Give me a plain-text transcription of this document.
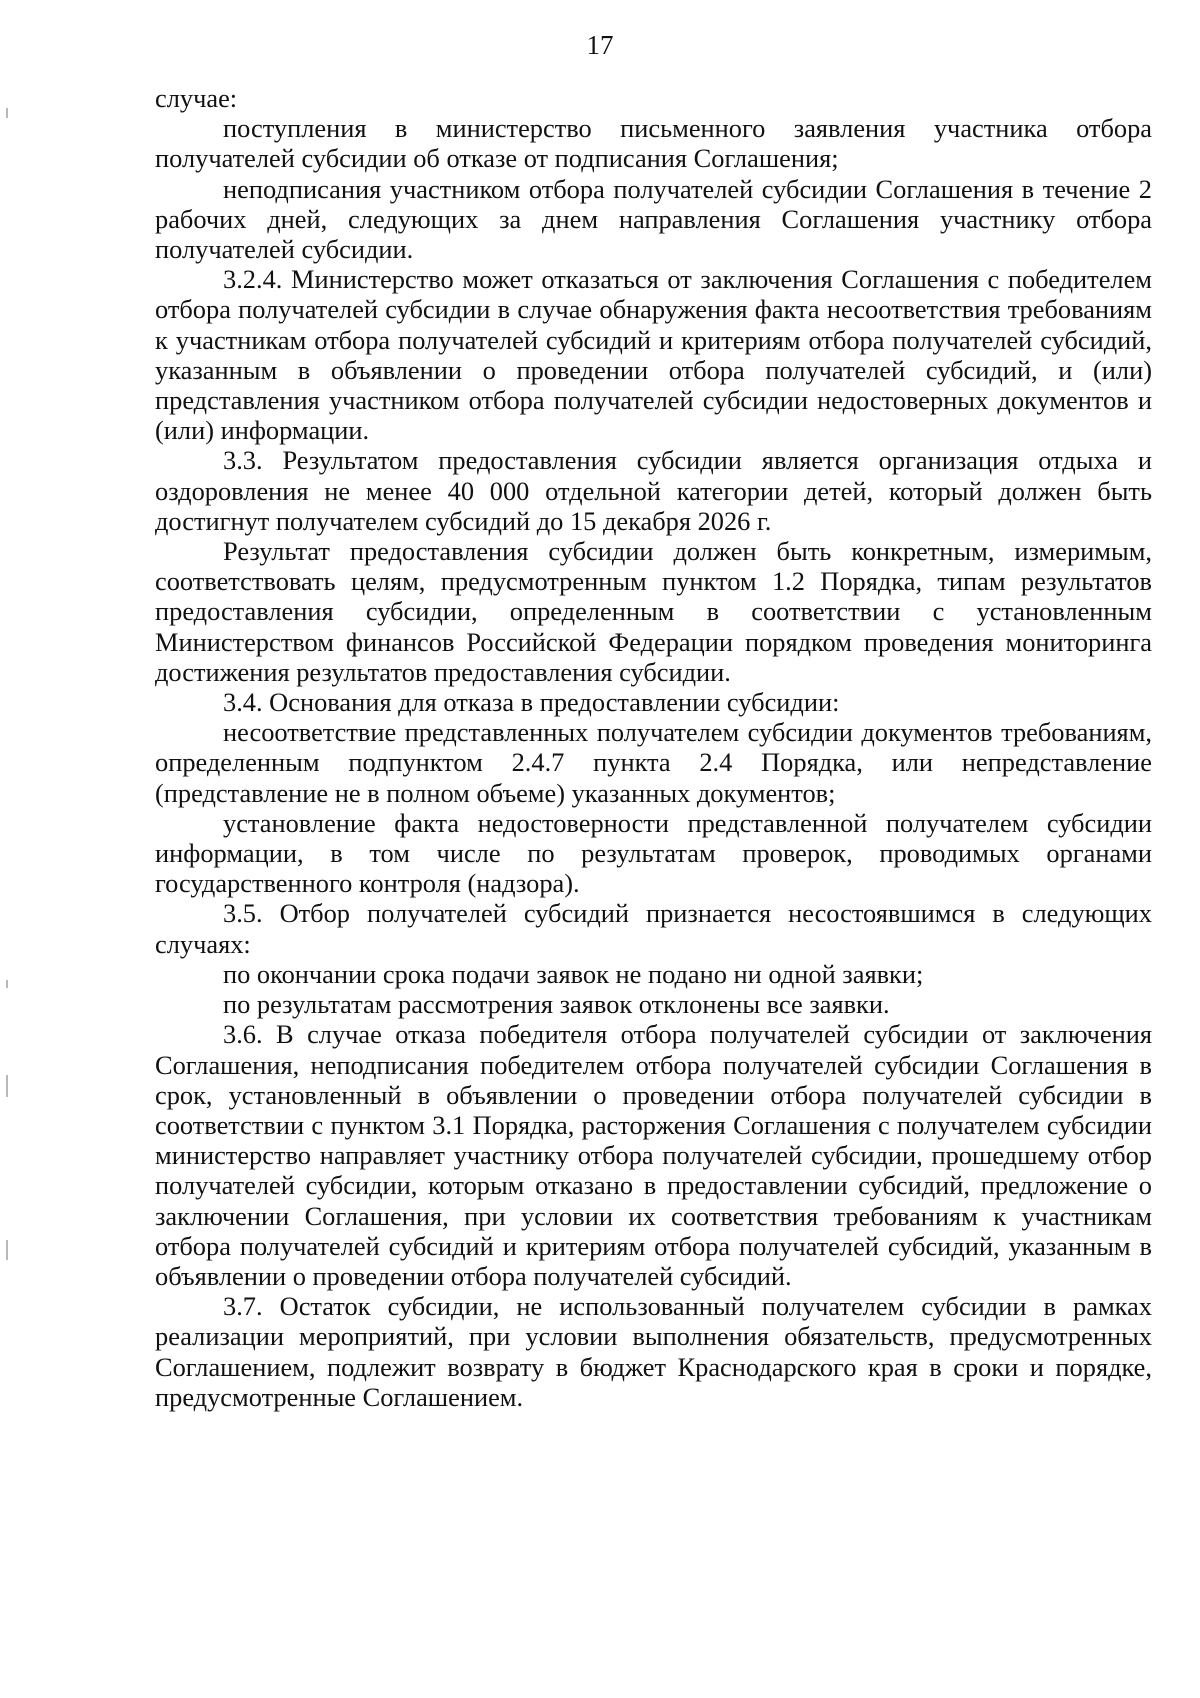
17

случае:

поступления в министерство письменного заявления участника отбора получателей субсидии об отказе от подписания Соглашения;

неподписания участником отбора получателей субсидии Соглашения в течение 2 рабочих дней, следующих за днем направления Соглашения участнику отбора получателей субсидии.

3.2.4. Министерство может отказаться от заключения Соглашения с победителем отбора получателей субсидии в случае обнаружения факта несоответствия требованиям к участникам отбора получателей субсидий и критериям отбора получателей субсидий, указанным в объявлении о проведении отбора получателей субсидий, и (или) представления участником отбора получателей субсидии недостоверных документов и (или) информации.

3.3. Результатом предоставления субсидии является организация отдыха и оздоровления не менее 40 000 отдельной категории детей, который должен быть достигнут получателем субсидий до 15 декабря 2026 г.

Результат предоставления субсидии должен быть конкретным, измеримым, соответствовать целям, предусмотренным пунктом 1.2 Порядка, типам результатов предоставления субсидии, определенным в соответствии с установленным Министерством финансов Российской Федерации порядком проведения мониторинга достижения результатов предоставления субсидии.

3.4. Основания для отказа в предоставлении субсидии:

несоответствие представленных получателем субсидии документов требованиям, определенным подпунктом 2.4.7 пункта 2.4 Порядка, или непредставление (представление не в полном объеме) указанных документов;

установление факта недостоверности представленной получателем субсидии информации, в том числе по результатам проверок, проводимых органами государственного контроля (надзора).

3.5. Отбор получателей субсидий признается несостоявшимся в следующих случаях:

по окончании срока подачи заявок не подано ни одной заявки;

по результатам рассмотрения заявок отклонены все заявки.

3.6. В случае отказа победителя отбора получателей субсидии от заключения Соглашения, неподписания победителем отбора получателей субсидии Соглашения в срок, установленный в объявлении о проведении отбора получателей субсидии в соответствии с пунктом 3.1 Порядка, расторжения Соглашения с получателем субсидии министерство направляет участнику отбора получателей субсидии, прошедшему отбор получателей субсидии, которым отказано в предоставлении субсидий, предложение о заключении Соглашения, при условии их соответствия требованиям к участникам отбора получателей субсидий и критериям отбора получателей субсидий, указанным в объявлении о проведении отбора получателей субсидий.

3.7. Остаток субсидии, не использованный получателем субсидии в рамках реализации мероприятий, при условии выполнения обязательств, предусмотренных Соглашением, подлежит возврату в бюджет Краснодарского края в сроки и порядке, предусмотренные Соглашением.
